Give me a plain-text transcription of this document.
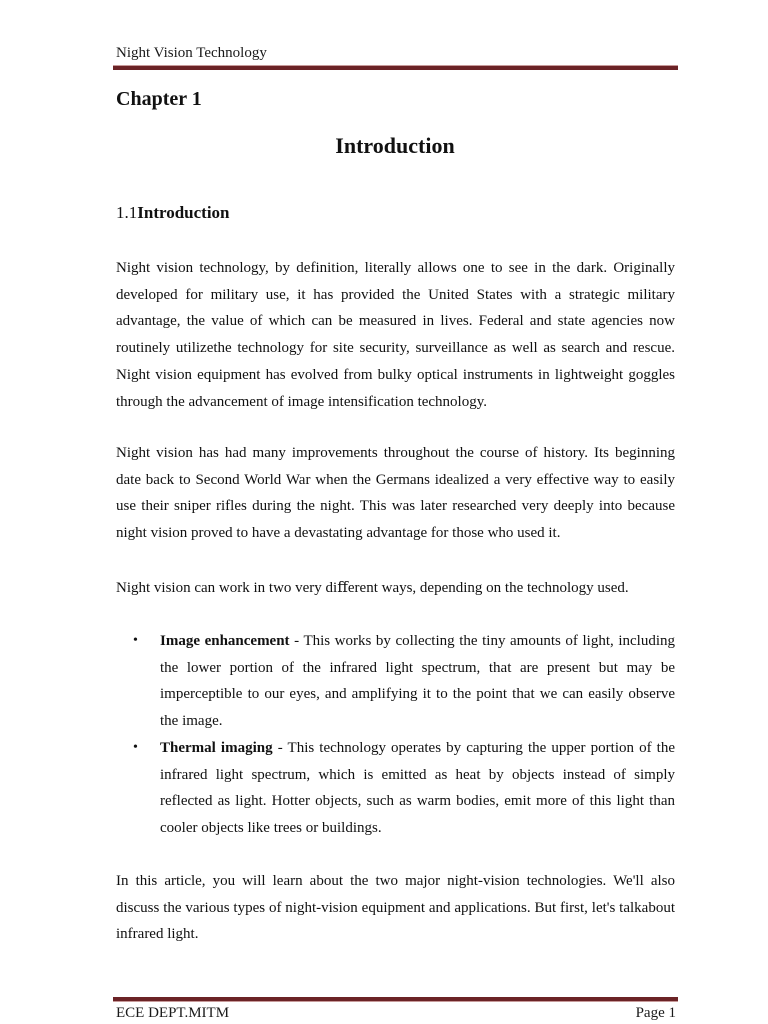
Night Vision Technology
Chapter 1
Introduction
1.1Introduction

Night vision technology, by definition, literally allows one to see in the dark. Originally developed for military use, it has provided the United States with a strategic military advantage, the value of which can be measured in lives. Federal and state agencies now routinely utilizethe technology for site security, surveillance as well as search and rescue. Night vision equipment has evolved from bulky optical instruments in lightweight goggles through the advancement of image intensification technology.

Night vision has had many improvements throughout the course of history. Its beginning date back to Second World War when the Germans idealized a very effective way to easily use their sniper rifles during the night. This was later researched very deeply into because night vision proved to have a devastating advantage for those who used it.

Night vision can work in two very diﬀerent ways, depending on the technology used.

• Image enhancement - This works by collecting the tiny amounts of light, including the lower portion of the infrared light spectrum, that are present but may be imperceptible to our eyes, and amplifying it to the point that we can easily observe the image.
• Thermal imaging - This technology operates by capturing the upper portion of the infrared light spectrum, which is emitted as heat by objects instead of simply reflected as light. Hotter objects, such as warm bodies, emit more of this light than cooler objects like trees or buildings.

In this article, you will learn about the two major night-vision technologies. We'll also discuss the various types of night-vision equipment and applications. But first, let's talkabout infrared light.

ECE DEPT.MITM	Page 1
